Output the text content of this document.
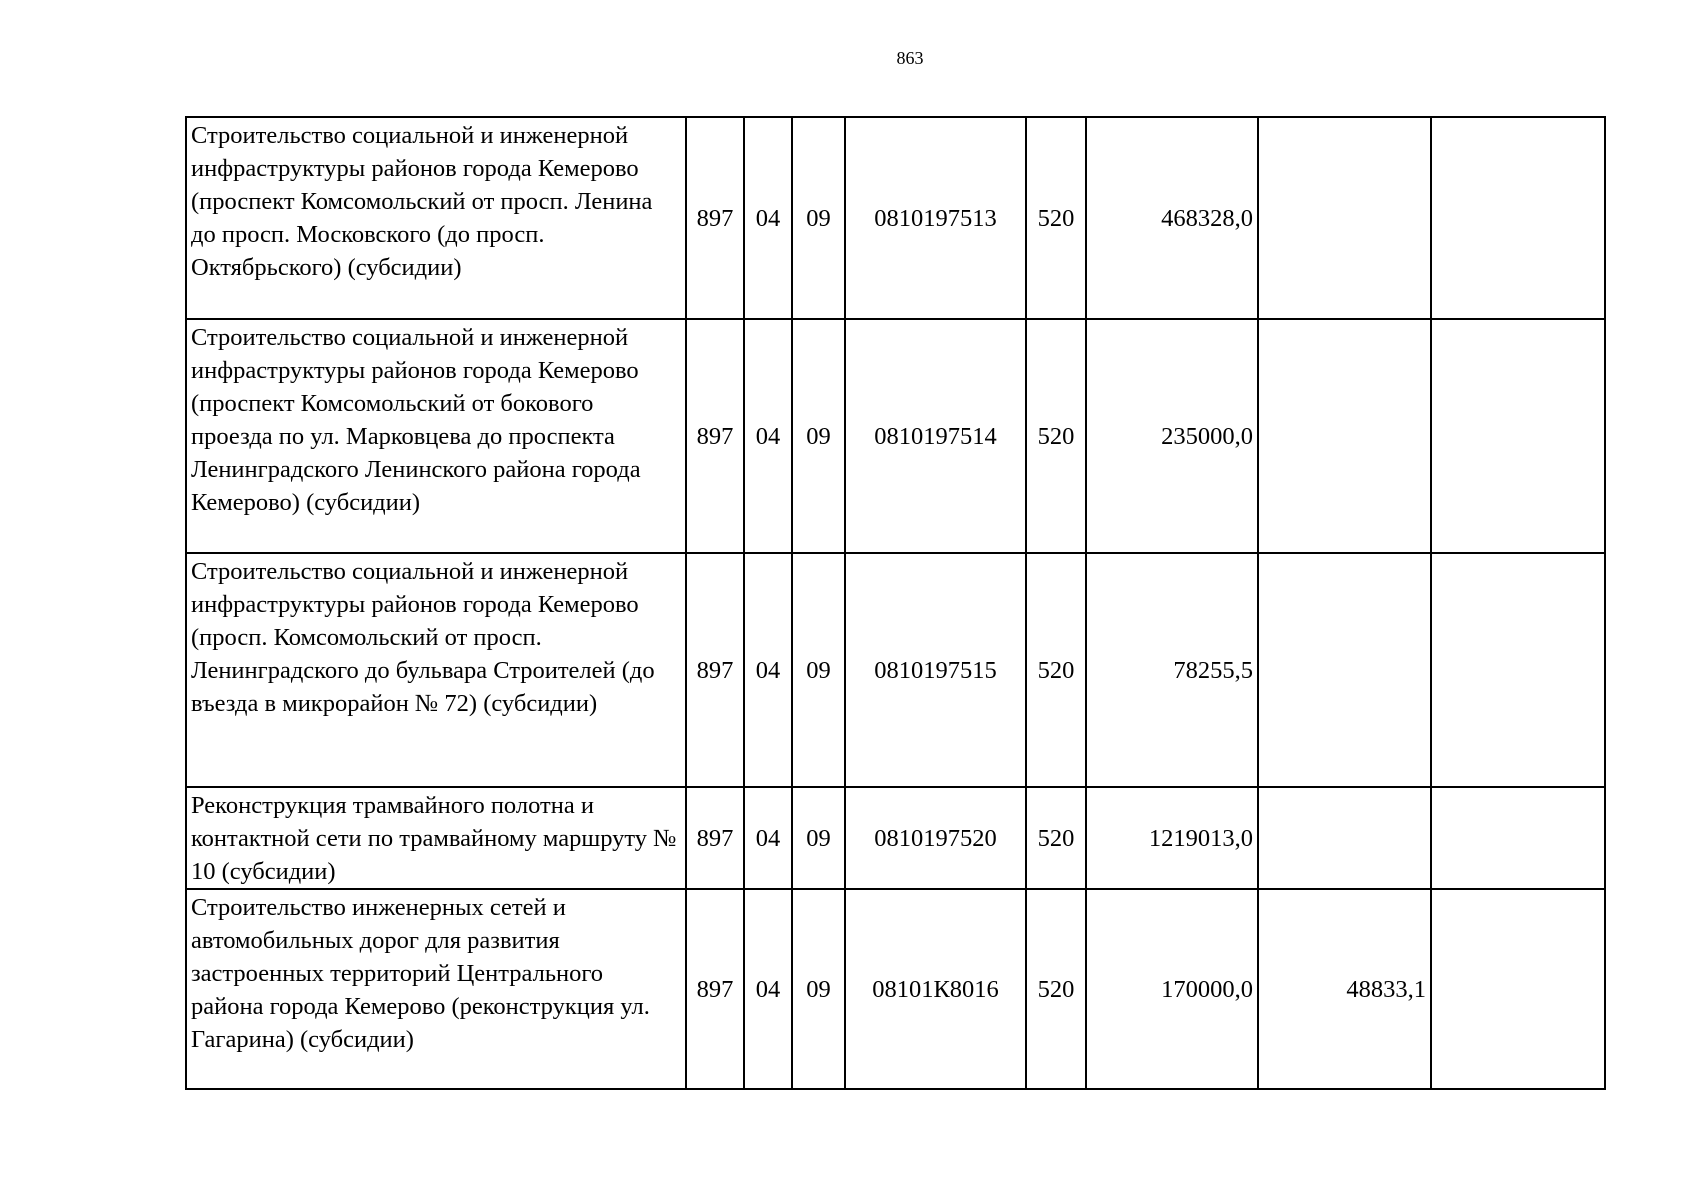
863
Строительство социальной и инженерной инфраструктуры районов города Кемерово (проспект Комсомольский от просп. Ленина до просп. Московского (до просп. Октябрьского) (субсидии)	897	04	09	0810197513	520	468328,0		
Строительство социальной и инженерной инфраструктуры районов города Кемерово (проспект Комсомольский от бокового проезда по ул. Марковцева до проспекта Ленинградского Ленинского района города Кемерово) (субсидии)	897	04	09	0810197514	520	235000,0		
Строительство социальной и инженерной инфраструктуры районов города Кемерово (просп. Комсомольский от просп. Ленинградского до бульвара Строителей (до въезда в микрорайон № 72) (субсидии)	897	04	09	0810197515	520	78255,5		
Реконструкция трамвайного полотна и контактной сети по трамвайному маршруту № 10 (субсидии)	897	04	09	0810197520	520	1219013,0		
Строительство инженерных сетей и автомобильных дорог для развития застроенных территорий Центрального района города Кемерово (реконструкция ул. Гагарина) (субсидии)	897	04	09	08101К8016	520	170000,0	48833,1	
